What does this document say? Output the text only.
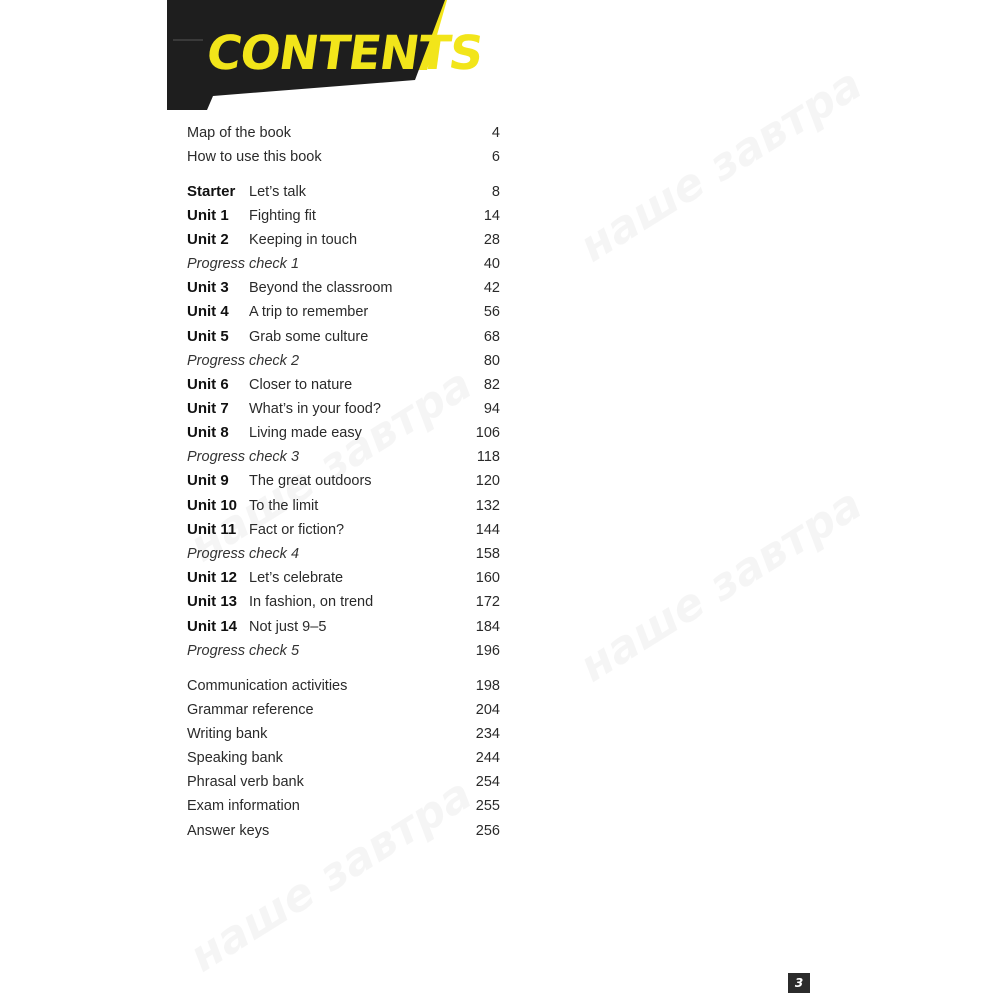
CONTENTS
Map of the book	4
How to use this book	6
Starter Let’s talk	8
Unit 1 Fighting fit	14
Unit 2 Keeping in touch	28
Progress check 1	40
Unit 3 Beyond the classroom	42
Unit 4 A trip to remember	56
Unit 5 Grab some culture	68
Progress check 2	80
Unit 6 Closer to nature	82
Unit 7 What’s in your food?	94
Unit 8 Living made easy	106
Progress check 3	118
Unit 9 The great outdoors	120
Unit 10 To the limit	132
Unit 11 Fact or fiction?	144
Progress check 4	158
Unit 12 Let’s celebrate	160
Unit 13 In fashion, on trend	172
Unit 14 Not just 9–5	184
Progress check 5	196
Communication activities	198
Grammar reference	204
Writing bank	234
Speaking bank	244
Phrasal verb bank	254
Exam information	255
Answer keys	256
3
